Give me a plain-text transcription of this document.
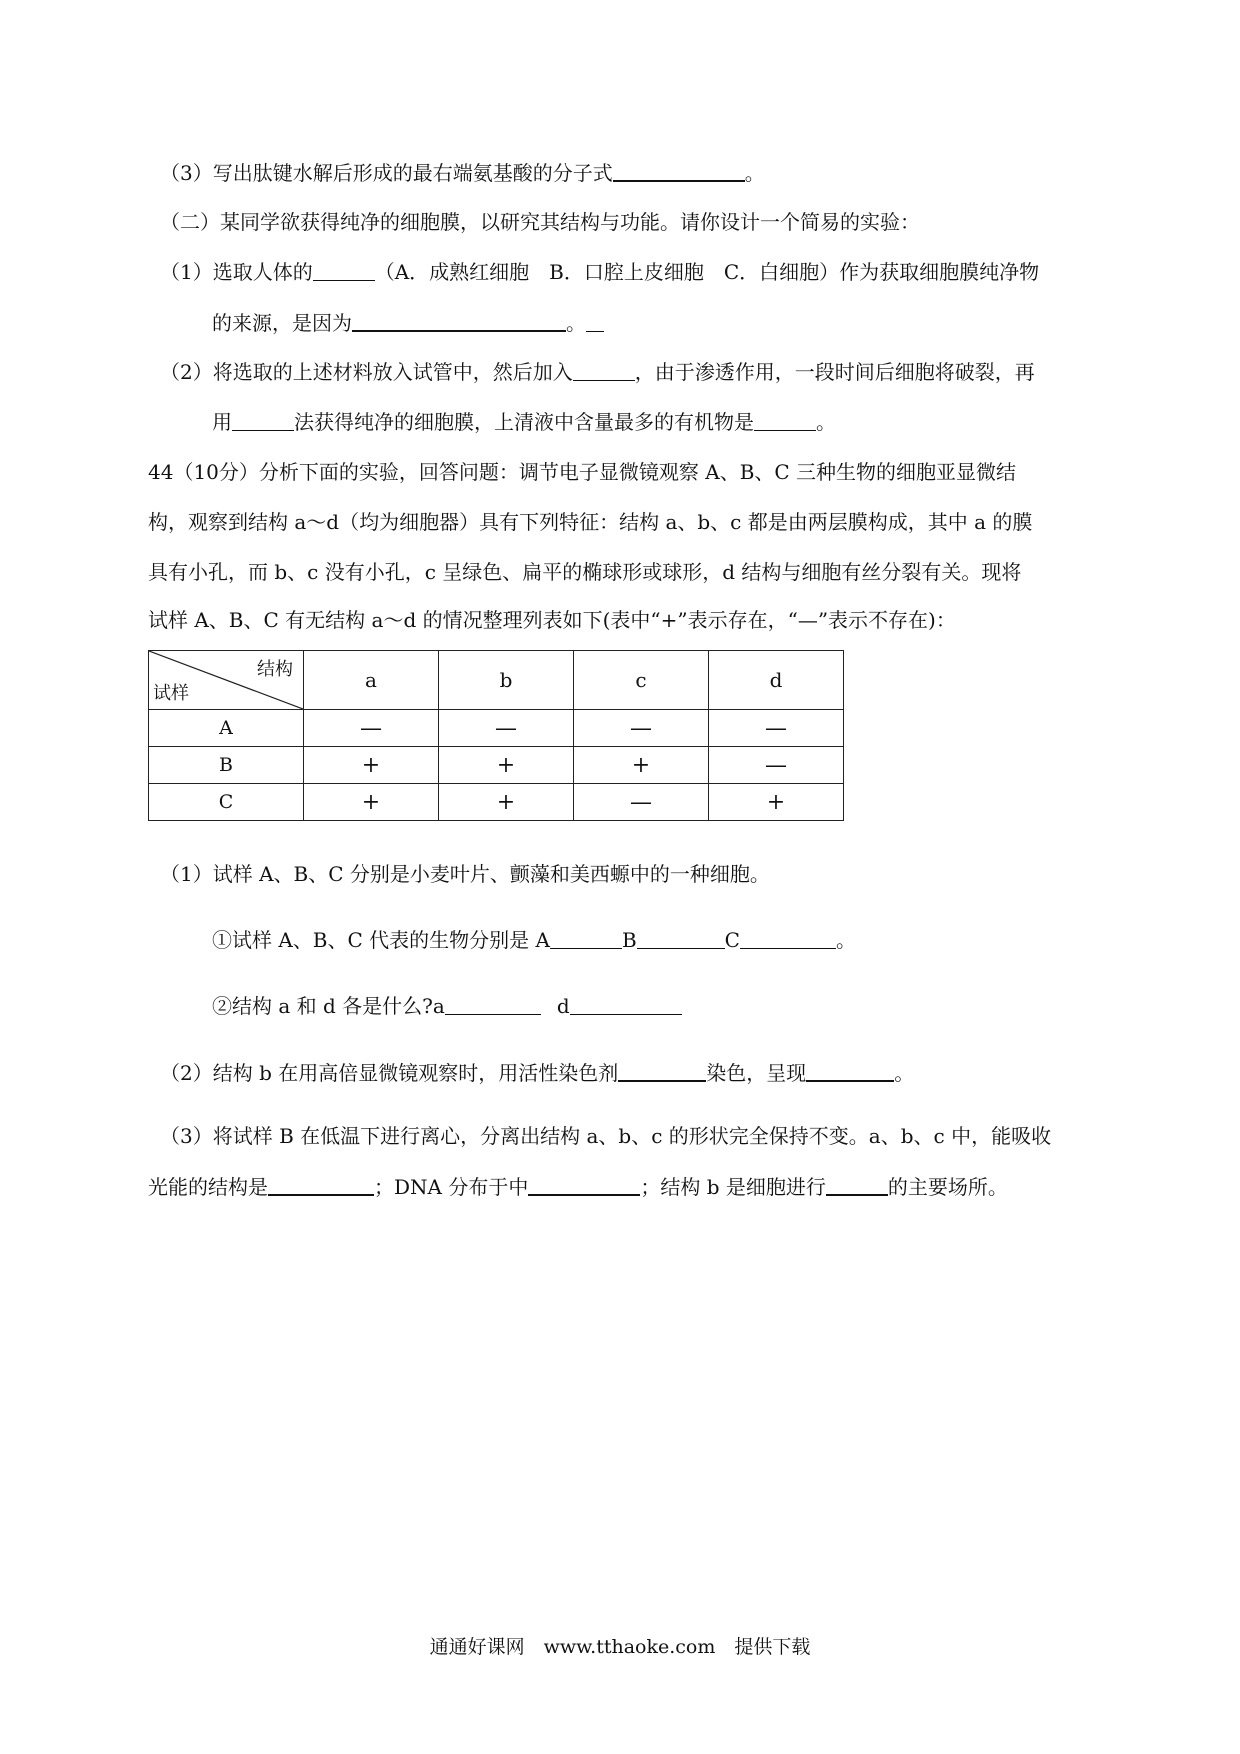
（3）写出肽键水解后形成的最右端氨基酸的分子式	。
（二）某同学欲获得纯净的细胞膜，以研究其结构与功能。请你设计一个简易的实验：
（1）选取人体的	（A．成熟红细胞　B．口腔上皮细胞　C．白细胞）作为获取细胞膜纯净物
的来源，是因为	。
（2）将选取的上述材料放入试管中，然后加入	，由于渗透作用，一段时间后细胞将破裂，再
用	法获得纯净的细胞膜，上清液中含量最多的有机物是	。
44（10分）分析下面的实验，回答问题：调节电子显微镜观察 A、B、C 三种生物的细胞亚显微结
构，观察到结构 a～d（均为细胞器）具有下列特征：结构 a、b、c 都是由两层膜构成，其中 a 的膜
具有小孔，而 b、c 没有小孔，c 呈绿色、扁平的椭球形或球形，d 结构与细胞有丝分裂有关。现将
试样 A、B、C 有无结构 a～d 的情况整理列表如下(表中“+”表示存在，“—”表示不存在)：
结构
试样	a	b	c	d
A	—	—	—	—
B	+	+	+	—
C	+	+	—	+
（1）试样 A、B、C 分别是小麦叶片、颤藻和美西螈中的一种细胞。
①试样 A、B、C 代表的生物分别是 A	B	C	。
②结构 a 和 d 各是什么?a	d
（2）结构 b 在用高倍显微镜观察时，用活性染色剂	染色，呈现	。
（3）将试样 B 在低温下进行离心，分离出结构 a、b、c 的形状完全保持不变。a、b、c 中，能吸收
光能的结构是	；DNA 分布于中	；结构 b 是细胞进行	的主要场所。
通通好课网　www.tthaoke.com　提供下载
